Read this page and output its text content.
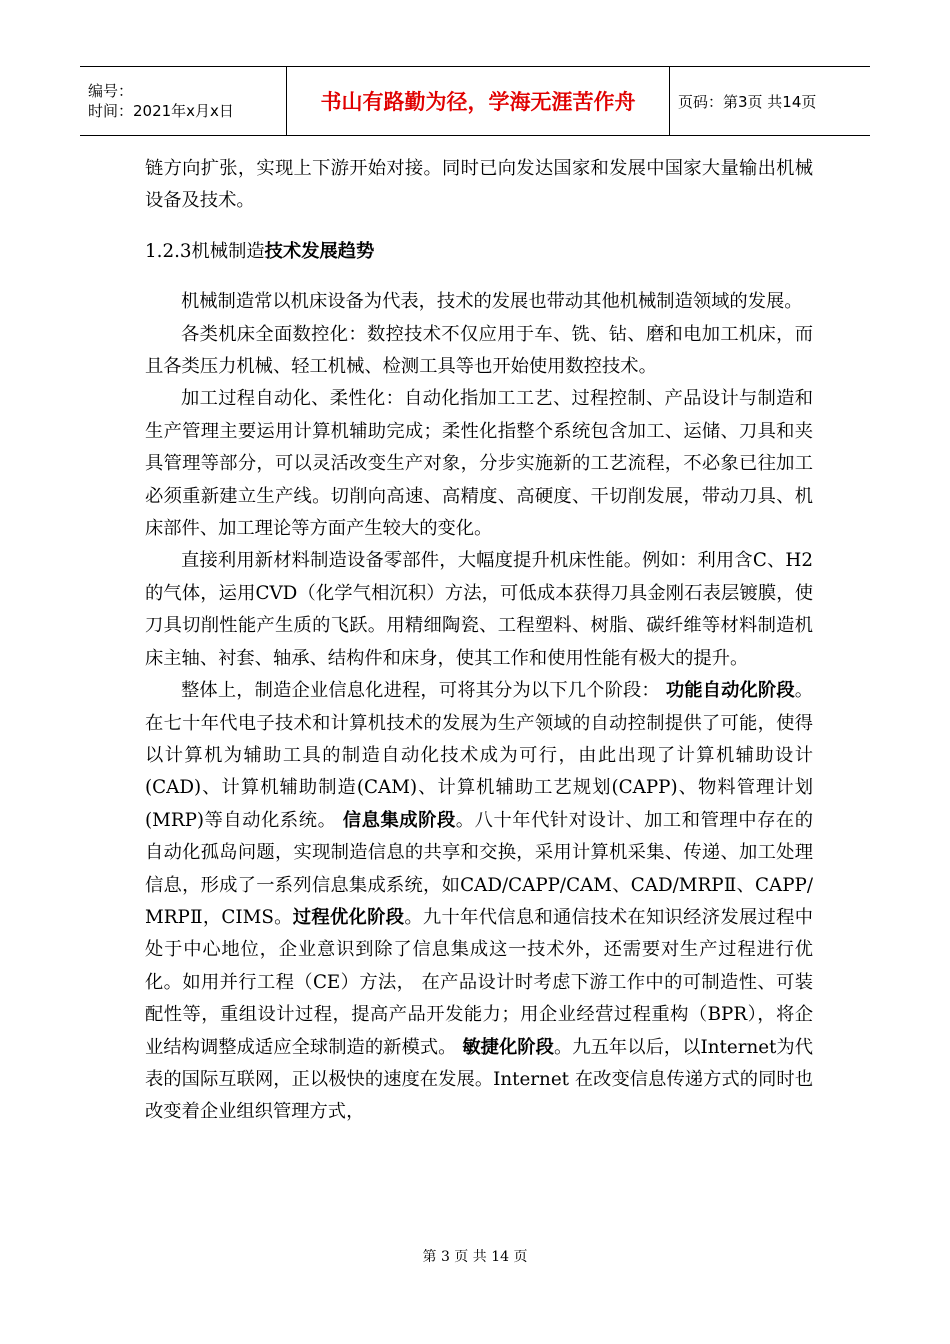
编号：
时间：2021年x月x日	书山有路勤为径，学海无涯苦作舟	页码：第3页 共14页

链方向扩张，实现上下游开始对接。同时已向发达国家和发展中国家大量输出机械设备及技术。

1.2.3机械制造技术发展趋势

机械制造常以机床设备为代表，技术的发展也带动其他机械制造领域的发展。

各类机床全面数控化：数控技术不仅应用于车、铣、钻、磨和电加工机床，而且各类压力机械、轻工机械、检测工具等也开始使用数控技术。

加工过程自动化、柔性化：自动化指加工工艺、过程控制、产品设计与制造和生产管理主要运用计算机辅助完成；柔性化指整个系统包含加工、运储、刀具和夹具管理等部分，可以灵活改变生产对象，分步实施新的工艺流程，不必象已往加工必须重新建立生产线。切削向高速、高精度、高硬度、干切削发展，带动刀具、机床部件、加工理论等方面产生较大的变化。

直接利用新材料制造设备零部件，大幅度提升机床性能。例如：利用含C、H2的气体，运用CVD（化学气相沉积）方法，可低成本获得刀具金刚石表层镀膜，使刀具切削性能产生质的飞跃。用精细陶瓷、工程塑料、树脂、碳纤维等材料制造机床主轴、衬套、轴承、结构件和床身，使其工作和使用性能有极大的提升。

整体上，制造企业信息化进程，可将其分为以下几个阶段： 功能自动化阶段。在七十年代电子技术和计算机技术的发展为生产领域的自动控制提供了可能，使得以计算机为辅助工具的制造自动化技术成为可行，由此出现了计算机辅助设计(CAD)、计算机辅助制造(CAM)、计算机辅助工艺规划(CAPP)、物料管理计划(MRP)等自动化系统。 信息集成阶段。八十年代针对设计、加工和管理中存在的自动化孤岛问题，实现制造信息的共享和交换，采用计算机采集、传递、加工处理信息，形成了一系列信息集成系统，如CAD/CAPP/CAM、CAD/MRPⅡ、CAPP/ MRPⅡ，CIMS。过程优化阶段。九十年代信息和通信技术在知识经济发展过程中处于中心地位，企业意识到除了信息集成这一技术外，还需要对生产过程进行优化。如用并行工程（CE）方法， 在产品设计时考虑下游工作中的可制造性、可装配性等，重组设计过程，提高产品开发能力；用企业经营过程重构（BPR），将企业结构调整成适应全球制造的新模式。 敏捷化阶段。九五年以后，以Internet为代表的国际互联网，正以极快的速度在发展。Internet 在改变信息传递方式的同时也改变着企业组织管理方式，

第 3 页 共 14 页
